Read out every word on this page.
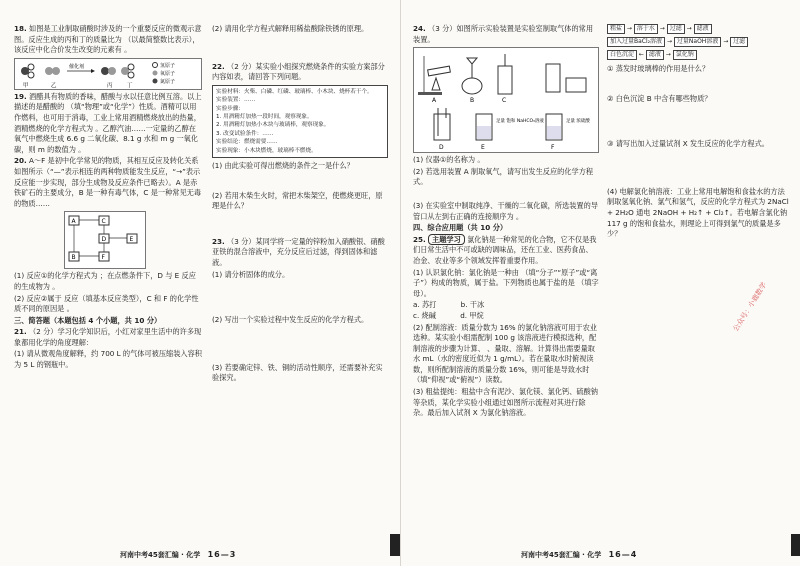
18. 如图是工业制取硝酸时涉及的一个重要反应的微观示意图。反应生成的丙和丁的质量比为 （以最简整数比表示），该反应中化合价发生改变的元素有 。

催化剂
甲	乙	丙	丁
氢原子
氧原子
氮原子

19. 酒醋具有物质的香味，醋酸与水以任意比例互溶。以上描述的是醋酸的 （填“物理”或“化学”）性质。酒精可以用作燃料，也可用于消毒，工业上常用酒精燃烧放出的热量，酒精燃烧的化学方程式为 。乙醇汽油……一定量的乙醇在氧气中燃烧生成 6.6 g 二氧化碳、8.1 g 水和 m g 一氧化碳，则 m 的数值为 。

20. A～F 是初中化学常见的物质，其相互反应及转化关系如图所示（“—”表示相连的两种物质能发生反应，“→”表示反应能一步实现，部分生成物及反应条件已略去）。A 是赤铁矿石的主要成分，B 是一种有毒气体，C 是一种常见无毒的物质……

A
B
C
D	E
F

(1) 反应①的化学方程式为 ；在点燃条件下，D 与 E 反应的生成物为 。

(2) 反应②属于 反应（填基本反应类型），C 和 F 的化学性质不同的原因是 。

三、简答题（本题包括 4 个小题，共 10 分）

21. （2 分）学习化学知识后，小红对家里生活中的许多现象都用化学的角度理解：

(1) 请从微观角度解释，约 700 L 的气体可被压缩装入容积为 5 L 的钢瓶中。

(2) 请用化学方程式解释用稀盐酸除铁锈的原理。

22. （2 分）某实验小组探究燃烧条件的实验方案部分内容如表，请回答下列问题。

实验材料：火柴、白磷、红磷、玻璃棒、小木块、烧杯若干个。
实验装置：……
实验步骤：
1. 用酒精灯加热一段时间，观察现象。
2. 用酒精灯加热小木块与玻璃棒，观察现象。
3. 改变试验条件：……
实验结论：燃烧需要……
实验现象：小木块燃烧，玻璃棒不燃烧。

(1) 由此实验可得出燃烧的条件之一是什么？

(2) 若用木柴生火时，常把木柴架空，使燃烧更旺，原理是什么？

23. （3 分）某同学将一定量的锌粉加入硝酸银、硝酸亚铁的混合溶液中，充分反应后过滤，得到固体和滤液。

(1) 请分析固体的成分。

(2) 写出一个实验过程中发生反应的化学方程式。

(3) 若要确定锌、铁、铜的活动性顺序，还需要补充实验探究。

河南中考45套汇编 · 化学 16—3

24. （3 分）如图所示实验装置是实验室制取气体的常用装置。

A	B	C
D
足量 饱和 NaHCO₃溶液
E
足量 浓硫酸
F

(1) 仪器①的名称为 。

(2) 若选用装置 A 制取氧气，请写出发生反应的化学方程式。

(3) 在实验室中制取纯净、干燥的二氧化碳，所选装置的导管口从左到右正确的连接顺序为 。

四、综合应用题（共 10 分）

25. 主题学习 氯化钠是一种常见的化合物，它不仅是我们日常生活中不可或缺的调味品，还在工业、医药食品、冶金、农业等多个领域发挥着重要作用。

(1) 认识氯化钠：氯化钠是一种由 （填“分子”“原子”或“离子”）构成的物质，属于盐。下列物质也属于盐的是 （填字母）。

a. 苏打	b. 干冰
c. 烧碱	d. 甲烷

(2) 配制溶液：质量分数为 16% 的氯化钠溶液可用于农业选种。某实验小组需配制 100 g 该溶液进行模拟选种，配制溶液的步骤为计算、 、量取、溶解。计算得出需要量取水 mL（水的密度近似为 1 g/mL）。若在量取水时俯视读数，则所配制溶液的质量分数 16%，则可能是导致水时 （填“仰视”或“俯视”）读数。

(3) 粗盐提纯：粗盐中含有泥沙、氯化镁、氯化钙、硫酸钠等杂质，某化学实验小组通过如图所示流程对其进行除杂。最后加入试剂 X 为氯化钠溶液。

粗盐 → 溶于水 → 过滤 → 滤液
加入过量BaCl₂溶液 → 过量NaOH溶液 → 过滤
白色沉淀 ← 滤液 → 氯化钠

① 蒸发时玻璃棒的作用是什么？

② 白色沉淀 B 中含有哪些物质？

③ 请写出加入过量试剂 X 发生反应的化学方程式。

(4) 电解氯化钠溶液：工业上常用电解饱和食盐水的方法制取氢氧化钠、氯气和氢气，反应的化学方程式为 2NaCl + 2H₂O 通电 2NaOH + H₂↑ + Cl₂↑。若电解含氯化钠 117 g 的饱和食盐水，则理论上可得到氯气的质量是多少？

公众号：小鹿数学
河南中考45套汇编 · 化学 16—4
